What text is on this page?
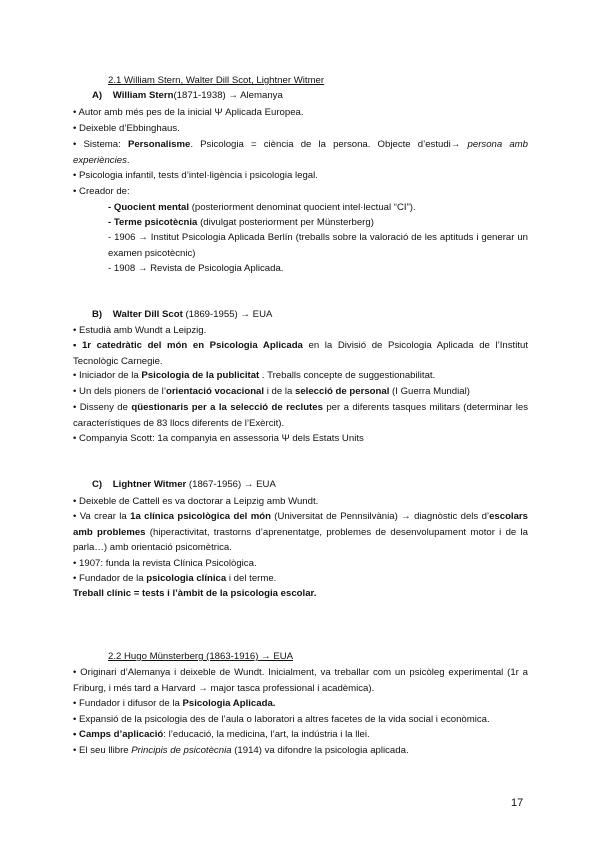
2.1 William Stern, Walter Dill Scot, Lightner Witmer
A) William Stern(1871-1938) → Alemanya
• Autor amb més pes de la inicial Ψ Aplicada Europea.
• Deixeble d’Ebbinghaus.
• Sistema: Personalisme. Psicologia = ciència de la persona. Objecte d’estudi→ persona amb experiències.
• Psicologia infantil, tests d’intel·ligència i psicologia legal.
• Creador de:
- Quocient mental (posteriorment denominat quocient intel·lectual “CI”).
- Terme psicotècnia (divulgat posteriorment per Münsterberg)
- 1906 → Institut Psicologia Aplicada Berlín (treballs sobre la valoració de les aptituds i generar un examen psicotècnic)
- 1908 → Revista de Psicologia Aplicada.
B) Walter Dill Scot (1869-1955) → EUA
• Estudià amb Wundt a Leipzig.
• 1r catedràtic del món en Psicologia Aplicada en la Divisió de Psicologia Aplicada de l’Institut Tecnològic Carnegie.
• Iniciador de la Psicologia de la publicitat . Treballs concepte de suggestionabilitat.
• Un dels pioners de l’orientació vocacional i de la selecció de personal (I Guerra Mundial)
• Disseny de qüestionaris per a la selecció de reclutes per a diferents tasques militars (determinar les característiques de 83 llocs diferents de l’Exèrcit).
• Companyia Scott: 1a companyia en assessoria Ψ dels Estats Units
C) Lightner Witmer (1867-1956) → EUA
• Deixeble de Cattell es va doctorar a Leipzig amb Wundt.
• Va crear la 1a clínica psicològica del món (Universitat de Pennsilvània) → diagnòstic dels d’escolars amb problemes (hiperactivitat, trastorns d’aprenentatge, problemes de desenvolupament motor i de la parla…) amb orientació psicomètrica.
• 1907: funda la revista Clínica Psicològica.
• Fundador de la psicologia clínica i del terme.
Treball clínic = tests i l’àmbit de la psicologia escolar.
2.2 Hugo Münsterberg (1863-1916) → EUA
• Originari d’Alemanya i deixeble de Wundt. Inicialment, va treballar com un psicòleg experimental (1r a Friburg, i més tard a Harvard → major tasca professional i acadèmica).
• Fundador i difusor de la Psicologia Aplicada.
• Expansió de la psicologia des de l’aula o laboratori a altres facetes de la vida social i econòmica.
• Camps d’aplicació: l’educació, la medicina, l’art, la indústria i la llei.
• El seu llibre Principis de psicotècnia (1914) va difondre la psicologia aplicada.
17
